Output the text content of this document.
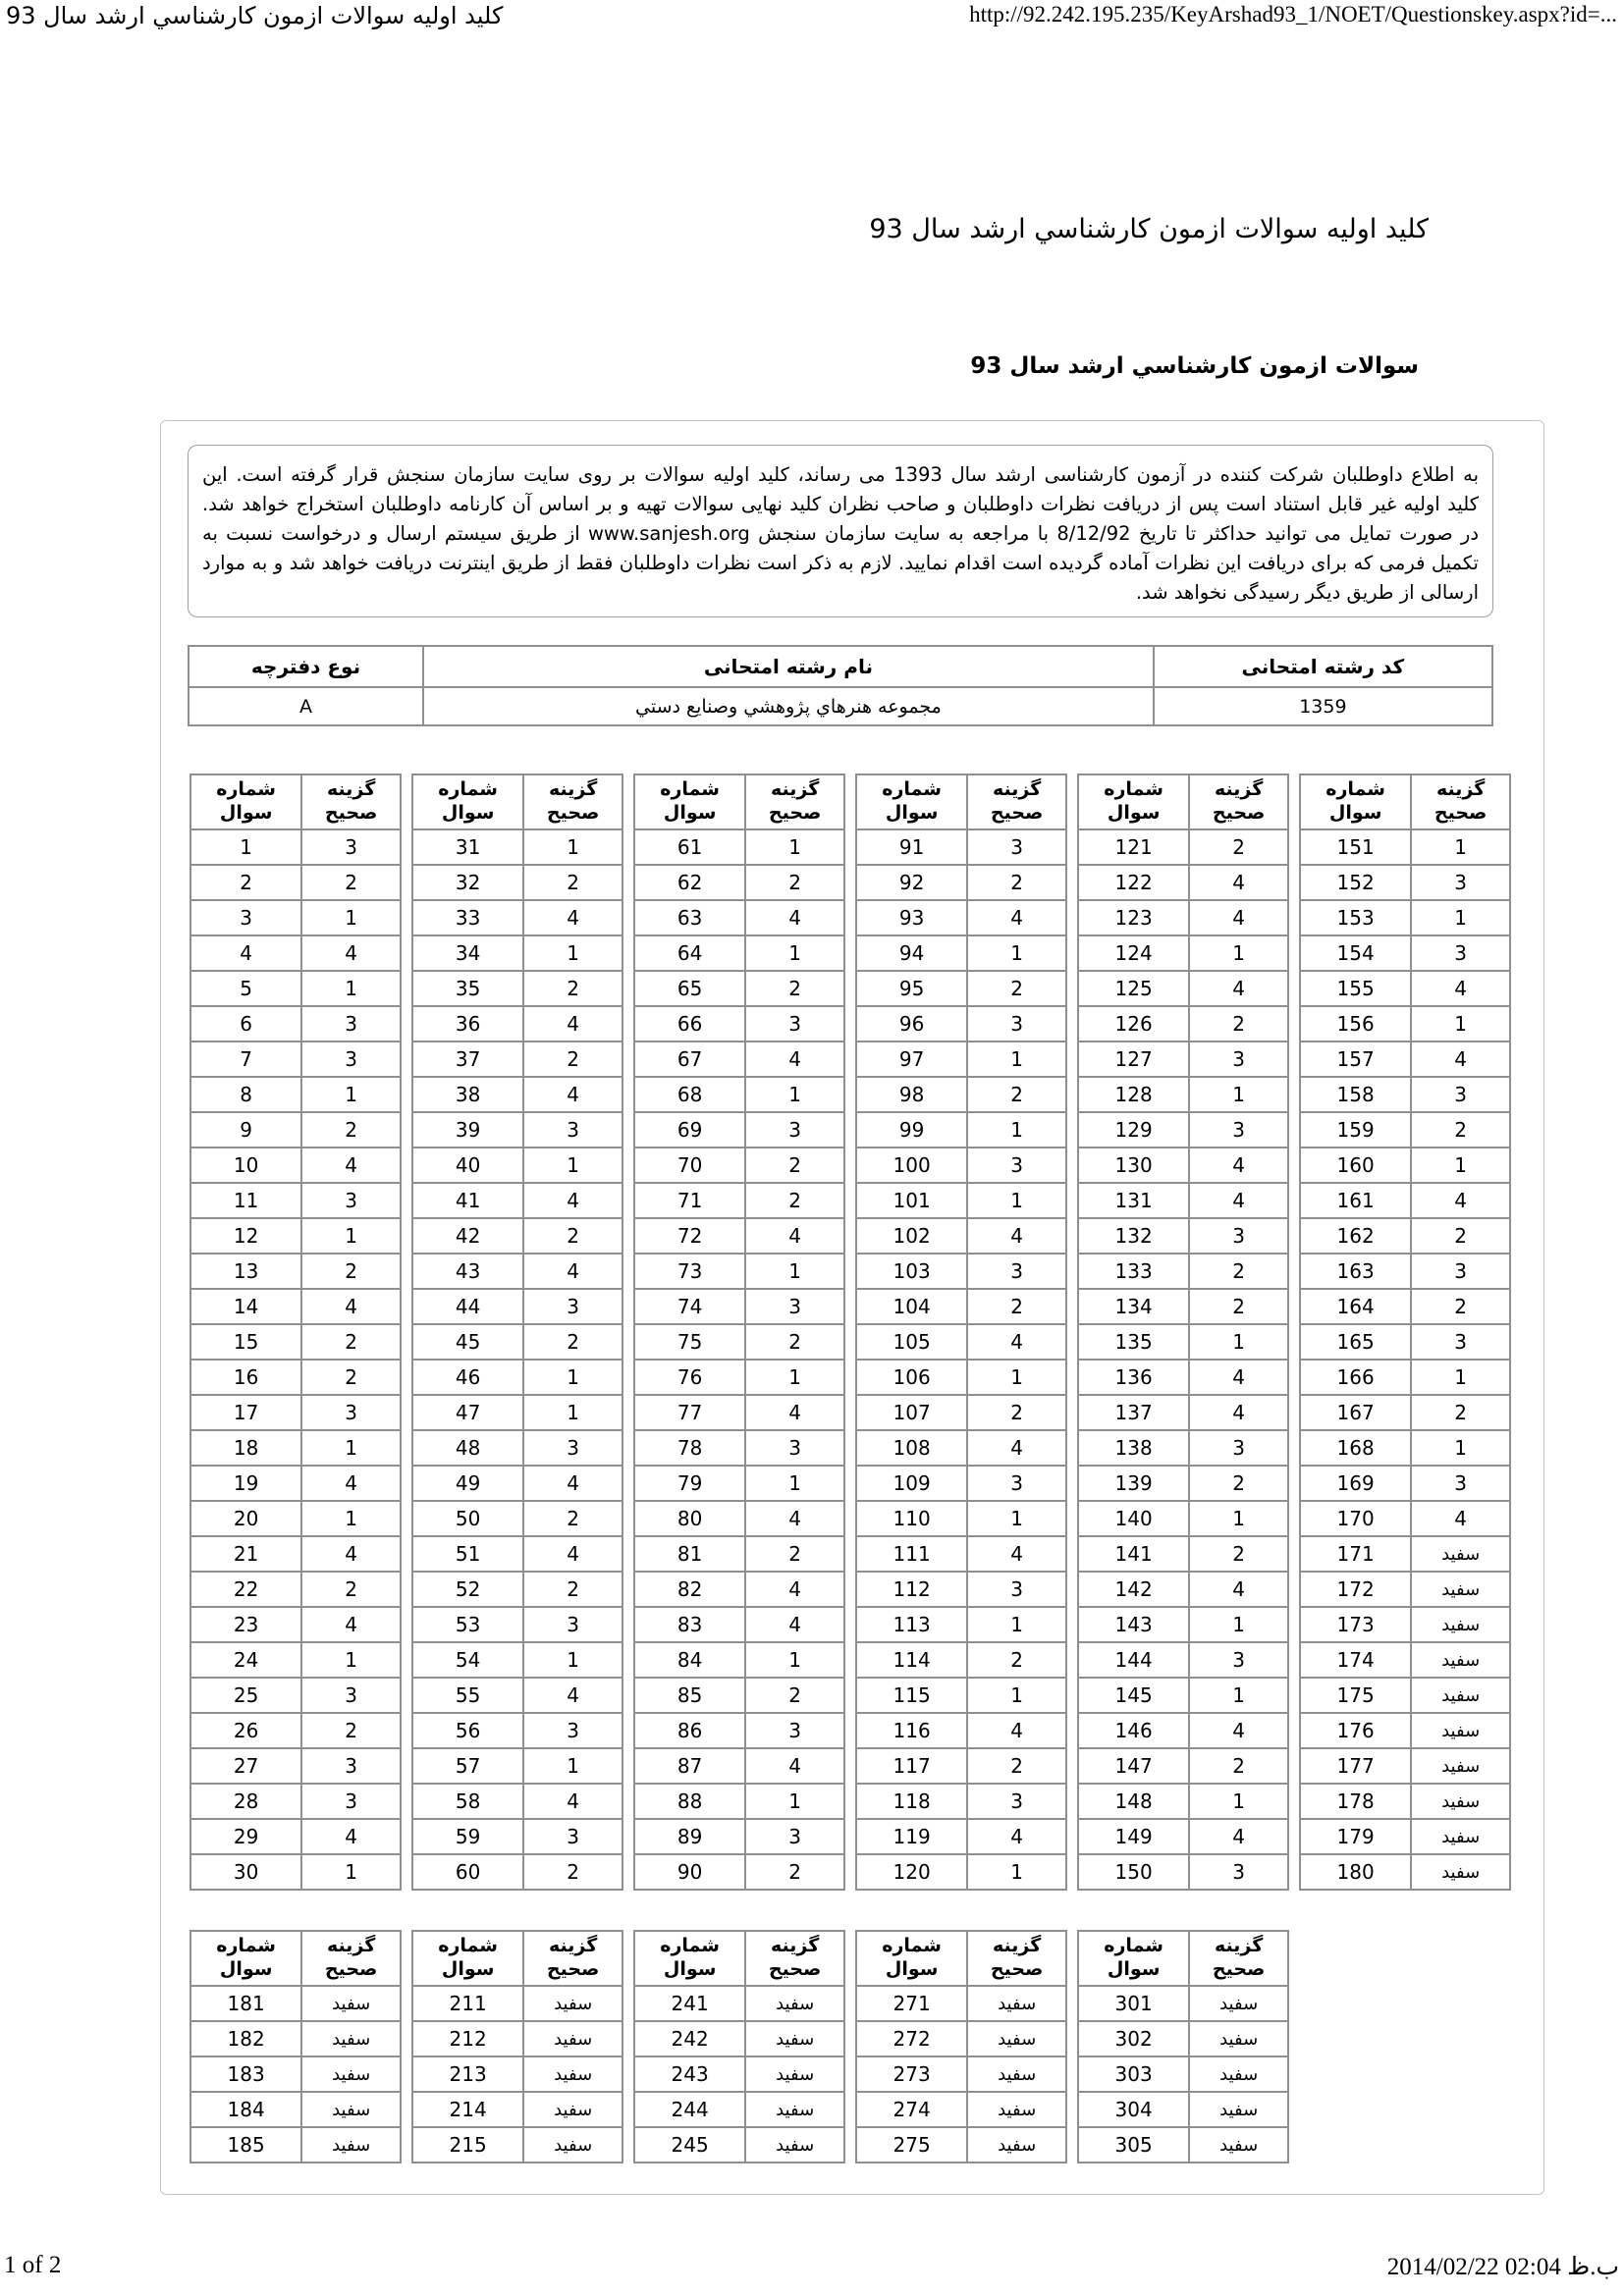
کلید اولیه سوالات ازمون کارشناسي ارشد سال 93	http://92.242.195.235/KeyArshad93_1/NOET/Questionskey.aspx?id=...
کلید اولیه سوالات ازمون کارشناسي ارشد سال 93
سوالات ازمون کارشناسي ارشد سال 93
به اطلاع داوطلبان شرکت کننده در آزمون کارشناسی ارشد سال 1393 می رساند، کلید اولیه سوالات بر روی سایت سازمان سنجش قرار گرفته است. این
کلید اولیه غیر قابل استناد است پس از دریافت نظرات داوطلبان و صاحب نظران کلید نهایی سوالات تهیه و بر اساس آن کارنامه داوطلبان استخراج خواهد شد.
در صورت تمایل می توانید حداکثر تا تاریخ 8/12/92 با مراجعه به سایت سازمان سنجش www.sanjesh.org از طریق سیستم ارسال و درخواست نسبت به
تکمیل فرمی که برای دریافت این نظرات آماده گردیده است اقدام نمایید. لازم به ذکر است نظرات داوطلبان فقط از طریق اینترنت دریافت خواهد شد و به موارد
ارسالی از طریق دیگر رسیدگی نخواهد شد.
کد رشته امتحانی	نام رشته امتحانی	نوع دفترچه
1359	مجموعه هنرهاي پژوهشي وصنايع دستي	A
شماره
سوال

گزینه
صحیح

1	3
2	2
3	1
4	4
5	1
6	3
7	3
8	1
9	2
10	4
11	3
12	1
13	2
14	4
15	2
16	2
17	3
18	1
19	4
20	1
21	4
22	2
23	4
24	1
25	3
26	2
27	3
28	3
29	4
30	1
شماره
سوال

گزینه
صحیح

31	1
32	2
33	4
34	1
35	2
36	4
37	2
38	4
39	3
40	1
41	4
42	2
43	4
44	3
45	2
46	1
47	1
48	3
49	4
50	2
51	4
52	2
53	3
54	1
55	4
56	3
57	1
58	4
59	3
60	2
شماره
سوال

گزینه
صحیح

61	1
62	2
63	4
64	1
65	2
66	3
67	4
68	1
69	3
70	2
71	2
72	4
73	1
74	3
75	2
76	1
77	4
78	3
79	1
80	4
81	2
82	4
83	4
84	1
85	2
86	3
87	4
88	1
89	3
90	2
شماره
سوال

گزینه
صحیح

91	3
92	2
93	4
94	1
95	2
96	3
97	1
98	2
99	1
100	3
101	1
102	4
103	3
104	2
105	4
106	1
107	2
108	4
109	3
110	1
111	4
112	3
113	1
114	2
115	1
116	4
117	2
118	3
119	4
120	1
شماره
سوال

گزینه
صحیح

121	2
122	4
123	4
124	1
125	4
126	2
127	3
128	1
129	3
130	4
131	4
132	3
133	2
134	2
135	1
136	4
137	4
138	3
139	2
140	1
141	2
142	4
143	1
144	3
145	1
146	4
147	2
148	1
149	4
150	3
شماره
سوال

گزینه
صحیح

151	1
152	3
153	1
154	3
155	4
156	1
157	4
158	3
159	2
160	1
161	4
162	2
163	3
164	2
165	3
166	1
167	2
168	1
169	3
170	4
171	سفید
172	سفید
173	سفید
174	سفید
175	سفید
176	سفید
177	سفید
178	سفید
179	سفید
180	سفید
شماره
سوال

گزینه
صحیح

181	سفید
182	سفید
183	سفید
184	سفید
185	سفید
شماره
سوال

گزینه
صحیح

211	سفید
212	سفید
213	سفید
214	سفید
215	سفید
شماره
سوال

گزینه
صحیح

241	سفید
242	سفید
243	سفید
244	سفید
245	سفید
شماره
سوال

گزینه
صحیح

271	سفید
272	سفید
273	سفید
274	سفید
275	سفید
شماره
سوال

گزینه
صحیح

301	سفید
302	سفید
303	سفید
304	سفید
305	سفید
1 of 2	2014/02/22 02:04 ب.ظ
